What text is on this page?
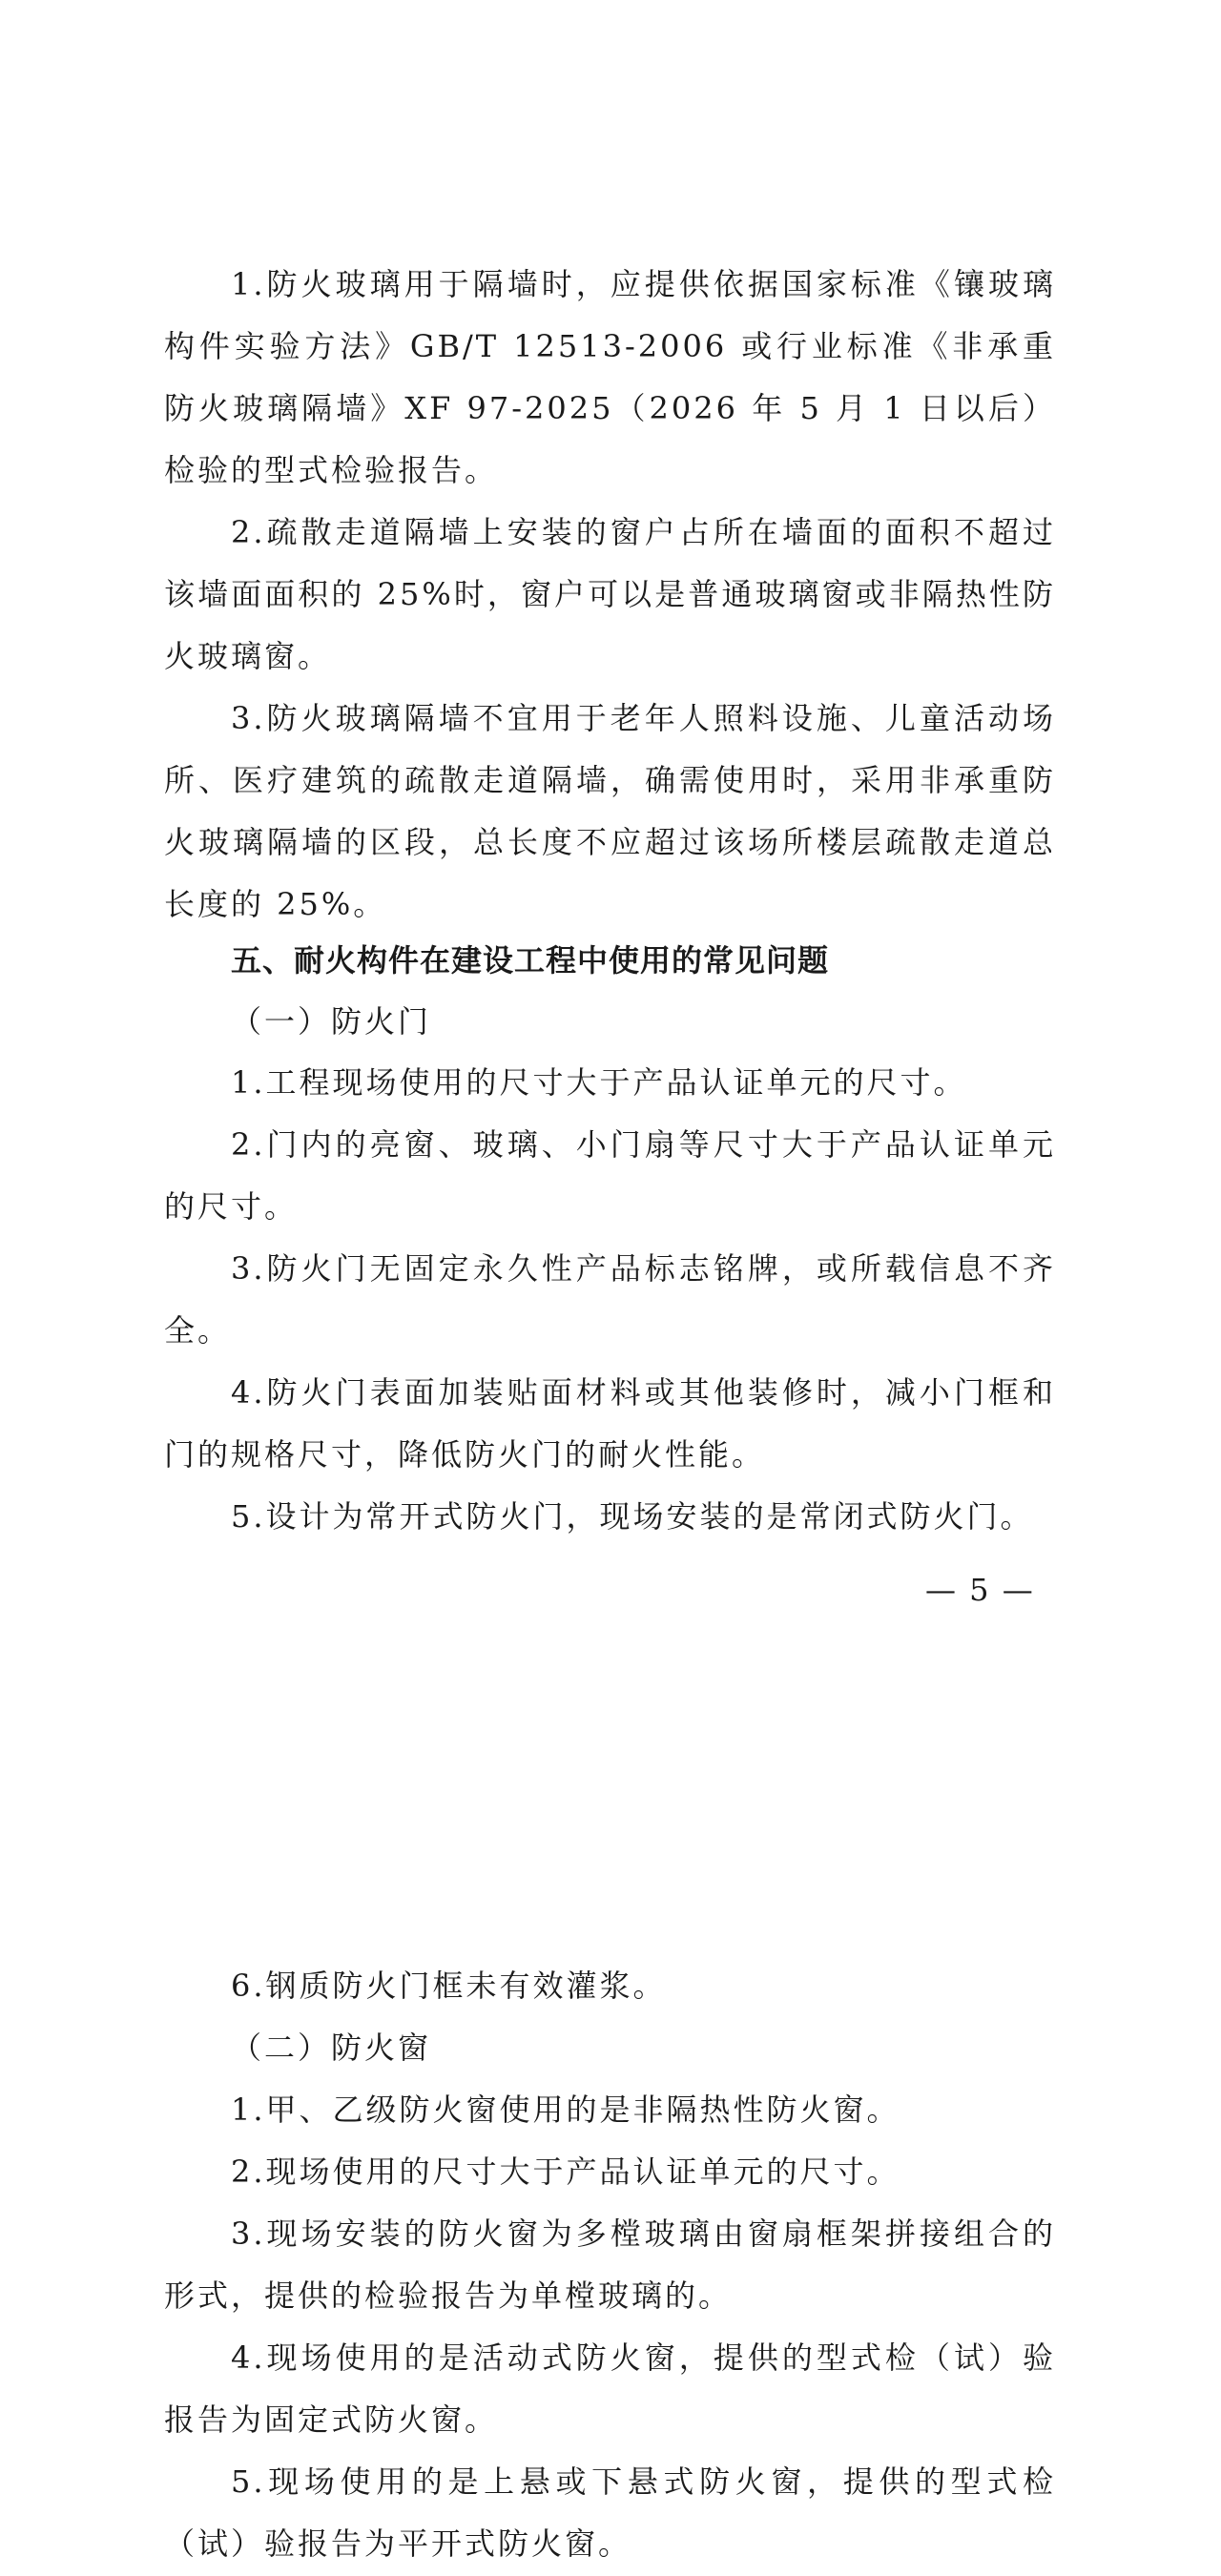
1.防火玻璃用于隔墙时，应提供依据国家标准《镶玻璃构件实验方法》GB/T 12513-2006 或行业标准《非承重防火玻璃隔墙》XF 97-2025（2026 年 5 月 1 日以后）检验的型式检验报告。

2.疏散走道隔墙上安装的窗户占所在墙面的面积不超过该墙面面积的 25%时，窗户可以是普通玻璃窗或非隔热性防火玻璃窗。

3.防火玻璃隔墙不宜用于老年人照料设施、儿童活动场所、医疗建筑的疏散走道隔墙，确需使用时，采用非承重防火玻璃隔墙的区段，总长度不应超过该场所楼层疏散走道总长度的 25%。

五、耐火构件在建设工程中使用的常见问题

（一）防火门

1.工程现场使用的尺寸大于产品认证单元的尺寸。

2.门内的亮窗、玻璃、小门扇等尺寸大于产品认证单元的尺寸。

3.防火门无固定永久性产品标志铭牌，或所载信息不齐全。

4.防火门表面加装贴面材料或其他装修时，减小门框和门的规格尺寸，降低防火门的耐火性能。

5.设计为常开式防火门，现场安装的是常闭式防火门。

— 5 —

6.钢质防火门框未有效灌浆。

（二）防火窗

1.甲、乙级防火窗使用的是非隔热性防火窗。

2.现场使用的尺寸大于产品认证单元的尺寸。

3.现场安装的防火窗为多樘玻璃由窗扇框架拼接组合的形式，提供的检验报告为单樘玻璃的。

4.现场使用的是活动式防火窗，提供的型式检（试）验报告为固定式防火窗。

5.现场使用的是上悬或下悬式防火窗，提供的型式检（试）验报告为平开式防火窗。
